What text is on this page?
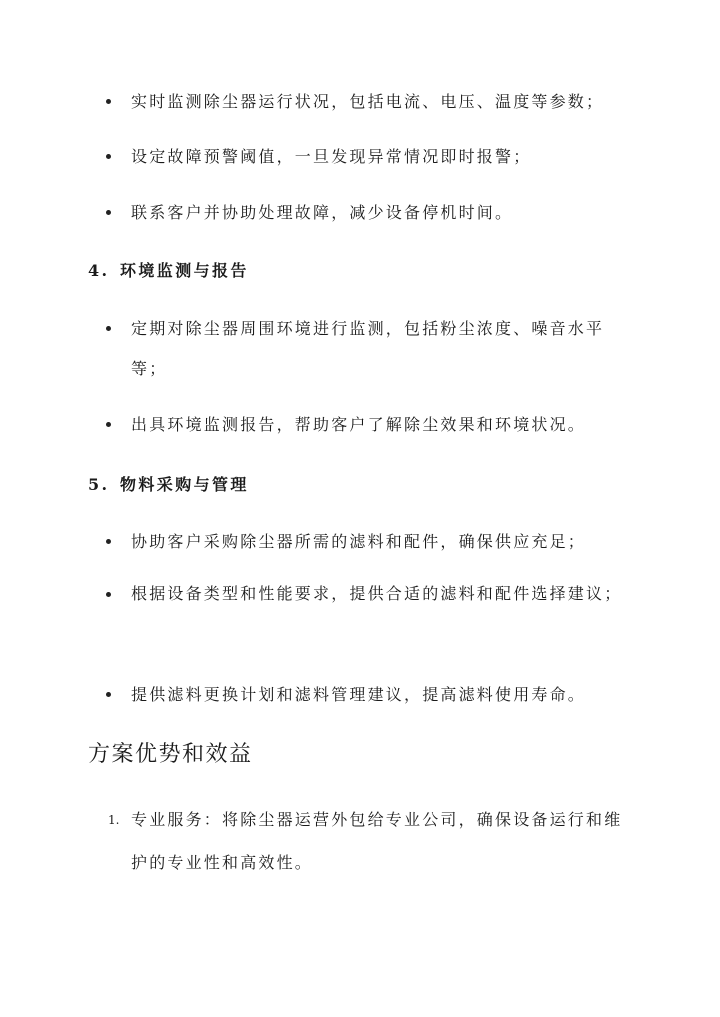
实时监测除尘器运行状况，包括电流、电压、温度等参数；
设定故障预警阈值，一旦发现异常情况即时报警；
联系客户并协助处理故障，减少设备停机时间。
4. 环境监测与报告
定期对除尘器周围环境进行监测，包括粉尘浓度、噪音水平等；
出具环境监测报告，帮助客户了解除尘效果和环境状况。
5. 物料采购与管理
协助客户采购除尘器所需的滤料和配件，确保供应充足；
根据设备类型和性能要求，提供合适的滤料和配件选择建议；
提供滤料更换计划和滤料管理建议，提高滤料使用寿命。
方案优势和效益
1. 专业服务：将除尘器运营外包给专业公司，确保设备运行和维护的专业性和高效性。
